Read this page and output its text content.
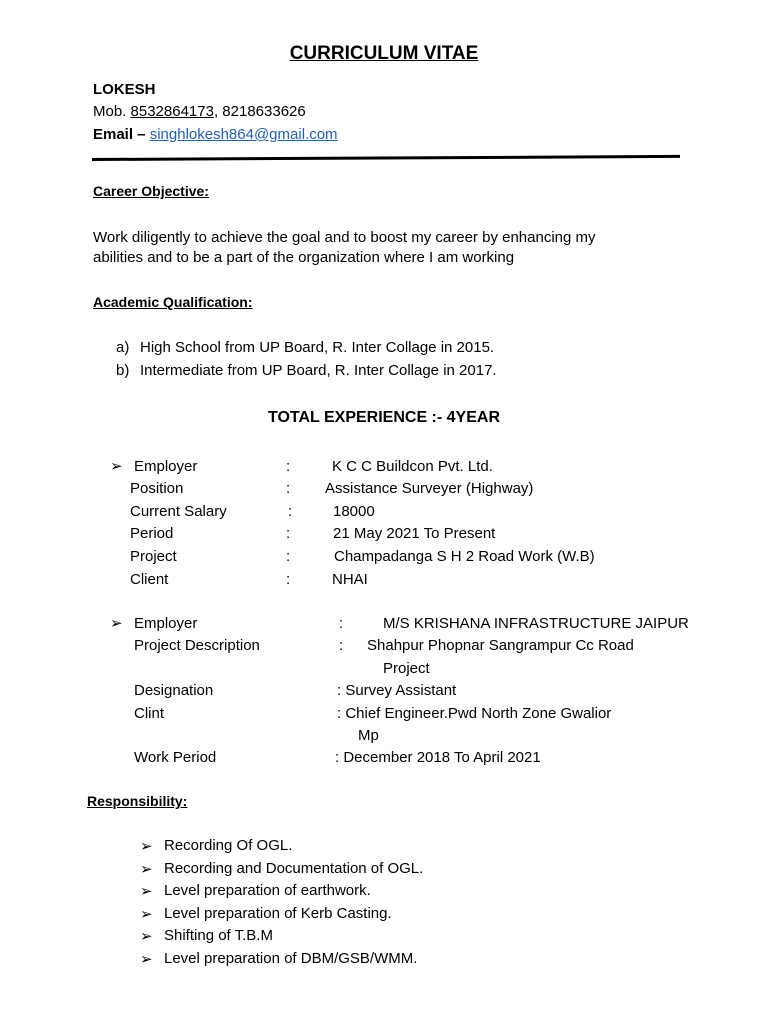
CURRICULUM VITAE
LOKESH
Mob. 8532864173, 8218633626
Email – singhlokesh864@gmail.com
Career Objective:
Work diligently to achieve the goal and to boost my career by enhancing my
abilities and to be a part of the organization where I am working
Academic Qualification:
a) High School from UP Board, R. Inter Collage in 2015.
b) Intermediate from UP Board, R. Inter Collage in 2017.
TOTAL EXPERIENCE :- 4YEAR
➢ Employer	:	K C C Buildcon Pvt. Ltd.
Position	: Assistance Surveyer (Highway)
Current Salary	:	18000
Period	:	21 May 2021 To Present
Project	:	Champadanga S H 2 Road Work (W.B)
Client	:	NHAI
➢ Employer	:	M/S KRISHANA INFRASTRUCTURE JAIPUR
Project Description	: Shahpur Phopnar Sangrampur Cc Road
Project
Designation	: Survey Assistant
Clint	: Chief Engineer.Pwd North Zone Gwalior
Mp
Work Period	: December 2018 To April 2021
Responsibility:
➢ Recording Of OGL.
➢ Recording and Documentation of OGL.
➢ Level preparation of earthwork.
➢ Level preparation of Kerb Casting.
➢ Shifting of T.B.M
➢ Level preparation of DBM/GSB/WMM.
